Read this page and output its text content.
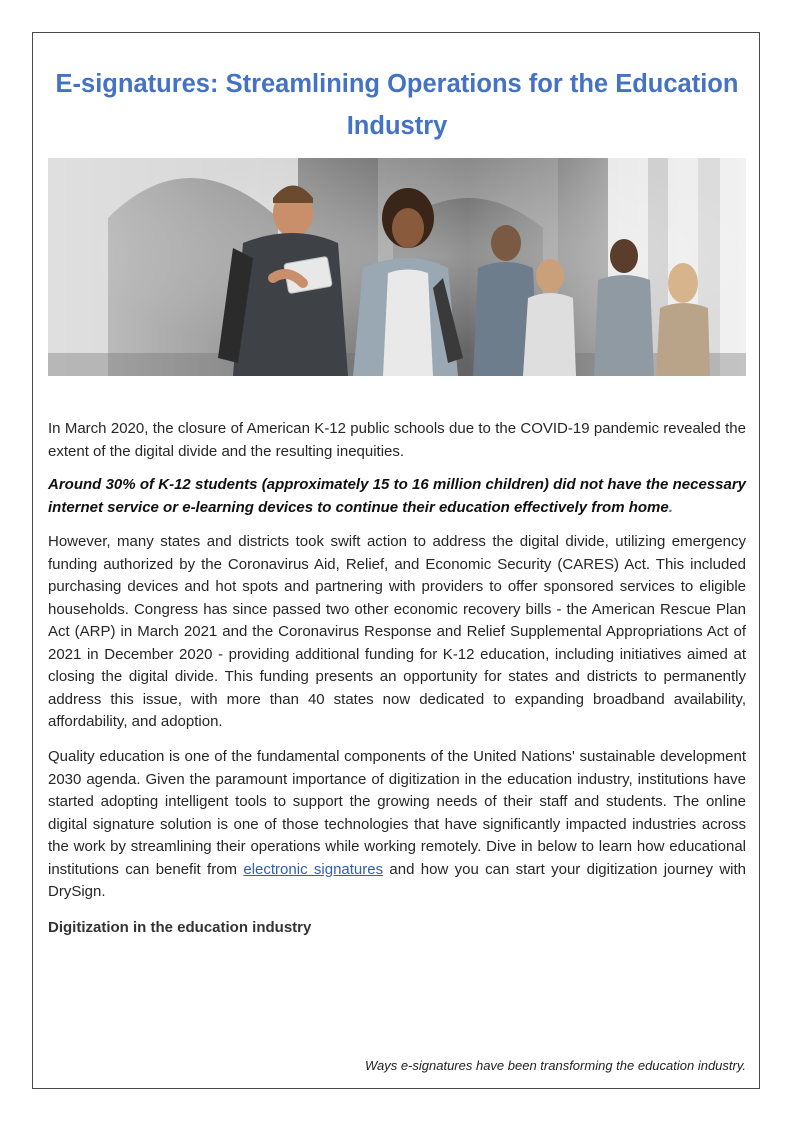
E-signatures: Streamlining Operations for the Education Industry

In March 2020, the closure of American K-12 public schools due to the COVID-19 pandemic revealed the extent of the digital divide and the resulting inequities.

Around 30% of K-12 students (approximately 15 to 16 million children) did not have the necessary internet service or e-learning devices to continue their education effectively from home.

However, many states and districts took swift action to address the digital divide, utilizing emergency funding authorized by the Coronavirus Aid, Relief, and Economic Security (CARES) Act. This included purchasing devices and hot spots and partnering with providers to offer sponsored services to eligible households. Congress has since passed two other economic recovery bills - the American Rescue Plan Act (ARP) in March 2021 and the Coronavirus Response and Relief Supplemental Appropriations Act of 2021 in December 2020 - providing additional funding for K-12 education, including initiatives aimed at closing the digital divide. This funding presents an opportunity for states and districts to permanently address this issue, with more than 40 states now dedicated to expanding broadband availability, affordability, and adoption.

Quality education is one of the fundamental components of the United Nations' sustainable development 2030 agenda. Given the paramount importance of digitization in the education industry, institutions have started adopting intelligent tools to support the growing needs of their staff and students. The online digital signature solution is one of those technologies that have significantly impacted industries across the work by streamlining their operations while working remotely. Dive in below to learn how educational institutions can benefit from electronic signatures and how you can start your digitization journey with DrySign.

Digitization in the education industry

Ways e-signatures have been transforming the education industry.
